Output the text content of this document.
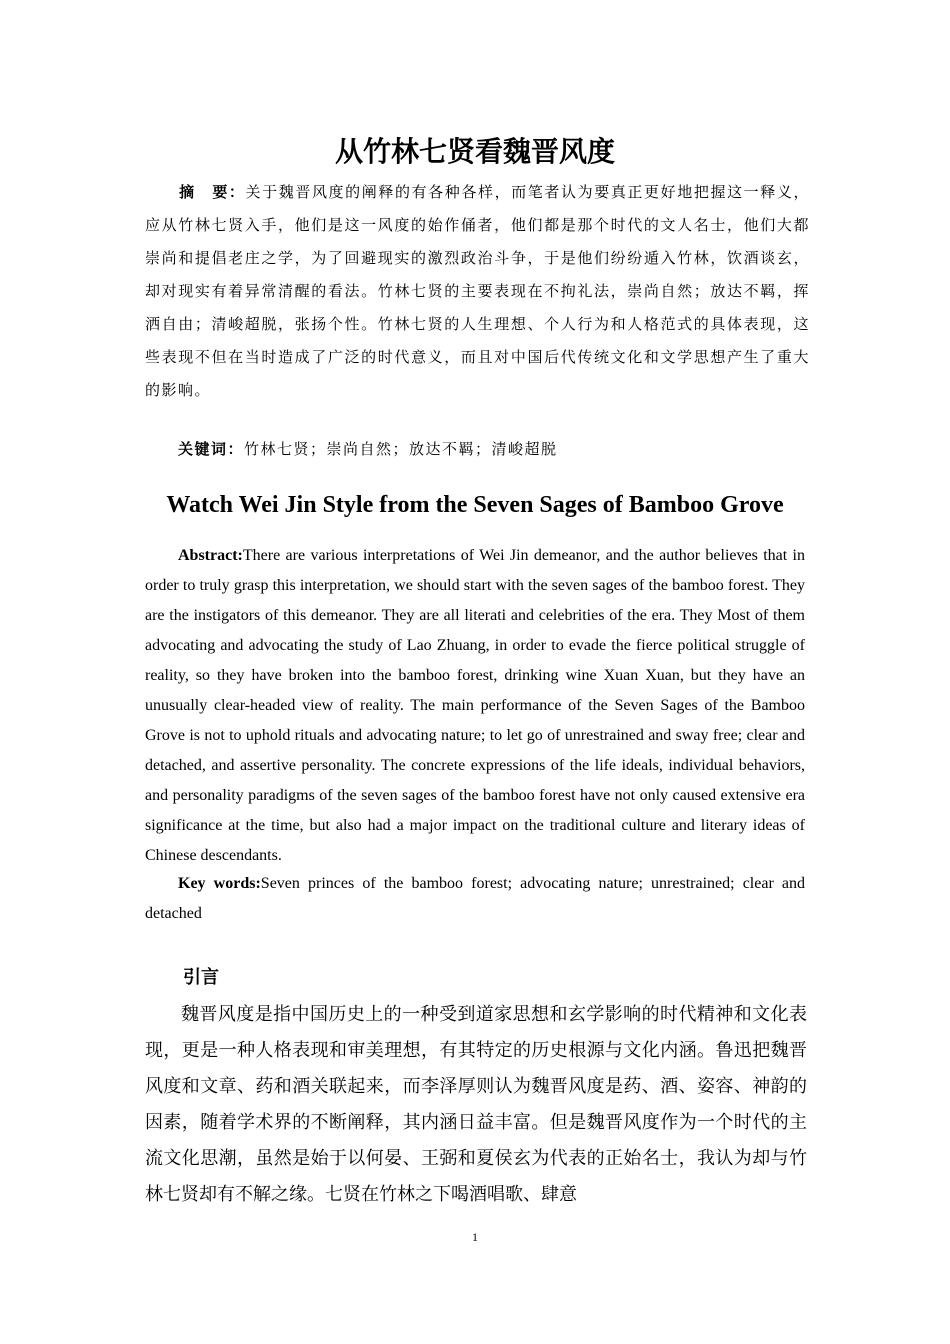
从竹林七贤看魏晋风度

摘　要：关于魏晋风度的阐释的有各种各样，而笔者认为要真正更好地把握这一释义，应从竹林七贤入手，他们是这一风度的始作俑者，他们都是那个时代的文人名士，他们大都崇尚和提倡老庄之学，为了回避现实的激烈政治斗争，于是他们纷纷遁入竹林，饮酒谈玄，却对现实有着异常清醒的看法。竹林七贤的主要表现在不拘礼法，崇尚自然；放达不羁，挥洒自由；清峻超脱，张扬个性。竹林七贤的人生理想、个人行为和人格范式的具体表现，这些表现不但在当时造成了广泛的时代意义，而且对中国后代传统文化和文学思想产生了重大的影响。

关键词：竹林七贤；崇尚自然；放达不羁；清峻超脱

Watch Wei Jin Style from the Seven Sages of Bamboo Grove

Abstract:There are various interpretations of Wei Jin demeanor, and the author believes that in order to truly grasp this interpretation, we should start with the seven sages of the bamboo forest. They are the instigators of this demeanor. They are all literati and celebrities of the era. They Most of them advocating and advocating the study of Lao Zhuang, in order to evade the fierce political struggle of reality, so they have broken into the bamboo forest, drinking wine Xuan Xuan, but they have an unusually clear-headed view of reality. The main performance of the Seven Sages of the Bamboo Grove is not to uphold rituals and advocating nature; to let go of unrestrained and sway free; clear and detached, and assertive personality. The concrete expressions of the life ideals, individual behaviors, and personality paradigms of the seven sages of the bamboo forest have not only caused extensive era significance at the time, but also had a major impact on the traditional culture and literary ideas of Chinese descendants.

Key words:Seven princes of the bamboo forest; advocating nature; unrestrained; clear and detached

引言

魏晋风度是指中国历史上的一种受到道家思想和玄学影响的时代精神和文化表现，更是一种人格表现和审美理想，有其特定的历史根源与文化内涵。鲁迅把魏晋风度和文章、药和酒关联起来，而李泽厚则认为魏晋风度是药、酒、姿容、神韵的因素，随着学术界的不断阐释，其内涵日益丰富。但是魏晋风度作为一个时代的主流文化思潮，虽然是始于以何晏、王弼和夏侯玄为代表的正始名士，我认为却与竹林七贤却有不解之缘。七贤在竹林之下喝酒唱歌、肆意

1
